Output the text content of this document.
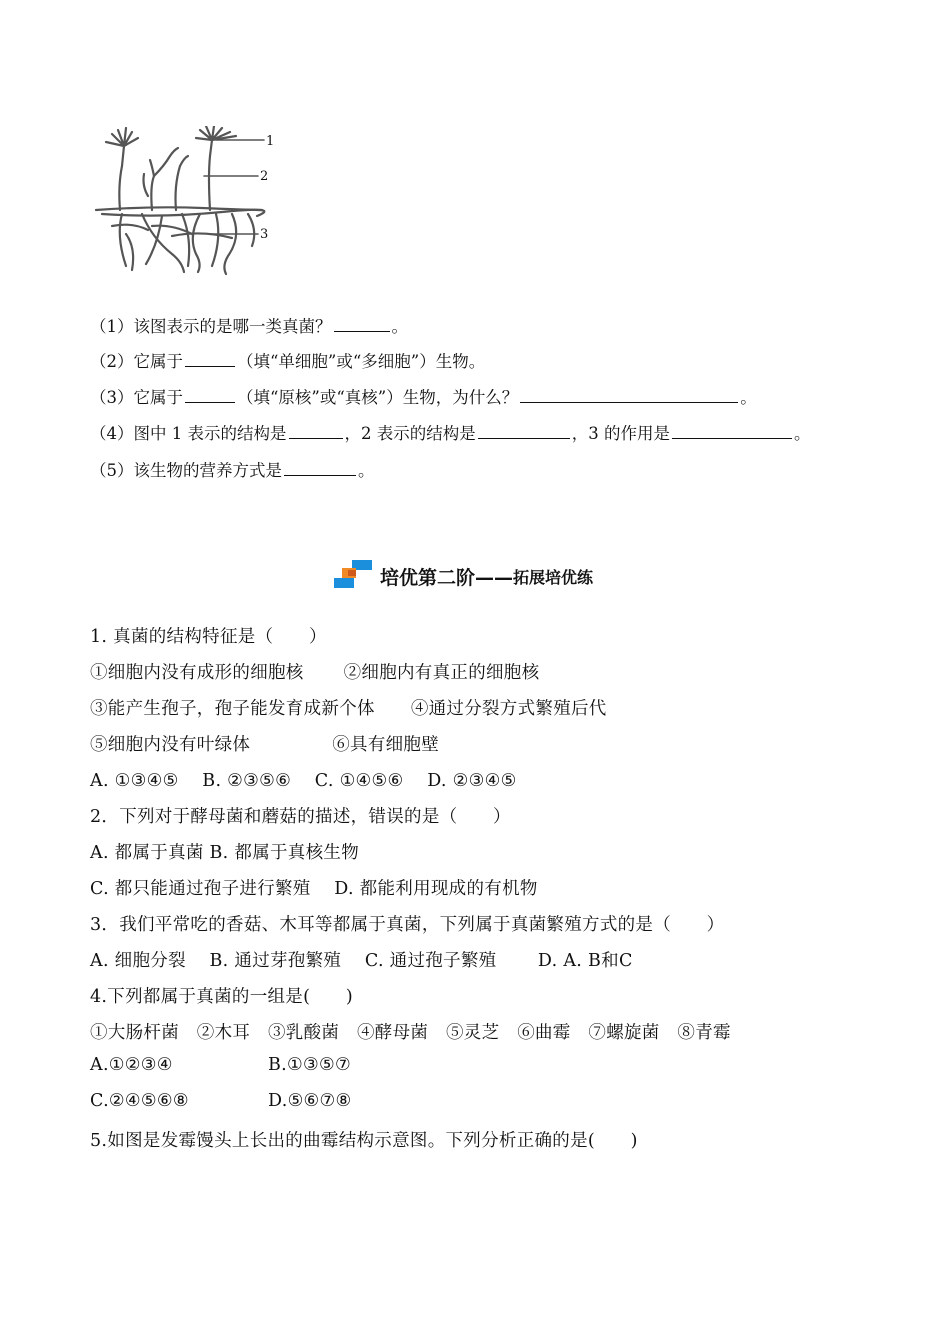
1
2
3
（1）该图表示的是哪一类真菌？	。
（2）它属于	（填“单细胞”或“多细胞”）生物。
（3）它属于	（填“原核”或“真核”）生物，为什么？	。
（4）图中 1 表示的结构是	，2 表示的结构是	，3 的作用是	。
（5）该生物的营养方式是	。
培优第二阶—— 拓展培优练
1. 真菌的结构特征是（　　）
①细胞内没有成形的细胞核 ②细胞内有真正的细胞核
③能产生孢子，孢子能发育成新个体 ④通过分裂方式繁殖后代
⑤细胞内没有叶绿体	⑥具有细胞壁
A. ①③④⑤　 B. ②③⑤⑥　 C. ①④⑤⑥　 D. ②③④⑤
2．下列对于酵母菌和蘑菇的描述，错误的是（　　）
A. 都属于真菌 B. 都属于真核生物
C. 都只能通过孢子进行繁殖　 D. 都能利用现成的有机物
3．我们平常吃的香菇、木耳等都属于真菌，下列属于真菌繁殖方式的是（　　）
A. 细胞分裂　 B. 通过芽孢繁殖　 C. 通过孢子繁殖　　 D. A. B和C
4.下列都属于真菌的一组是(　　)
①大肠杆菌　②木耳　③乳酸菌　④酵母菌　⑤灵芝　⑥曲霉　⑦螺旋菌　⑧青霉
A.①②③④	B.①③⑤⑦
C.②④⑤⑥⑧	D.⑤⑥⑦⑧
5.如图是发霉馒头上长出的曲霉结构示意图。下列分析正确的是(　　)
